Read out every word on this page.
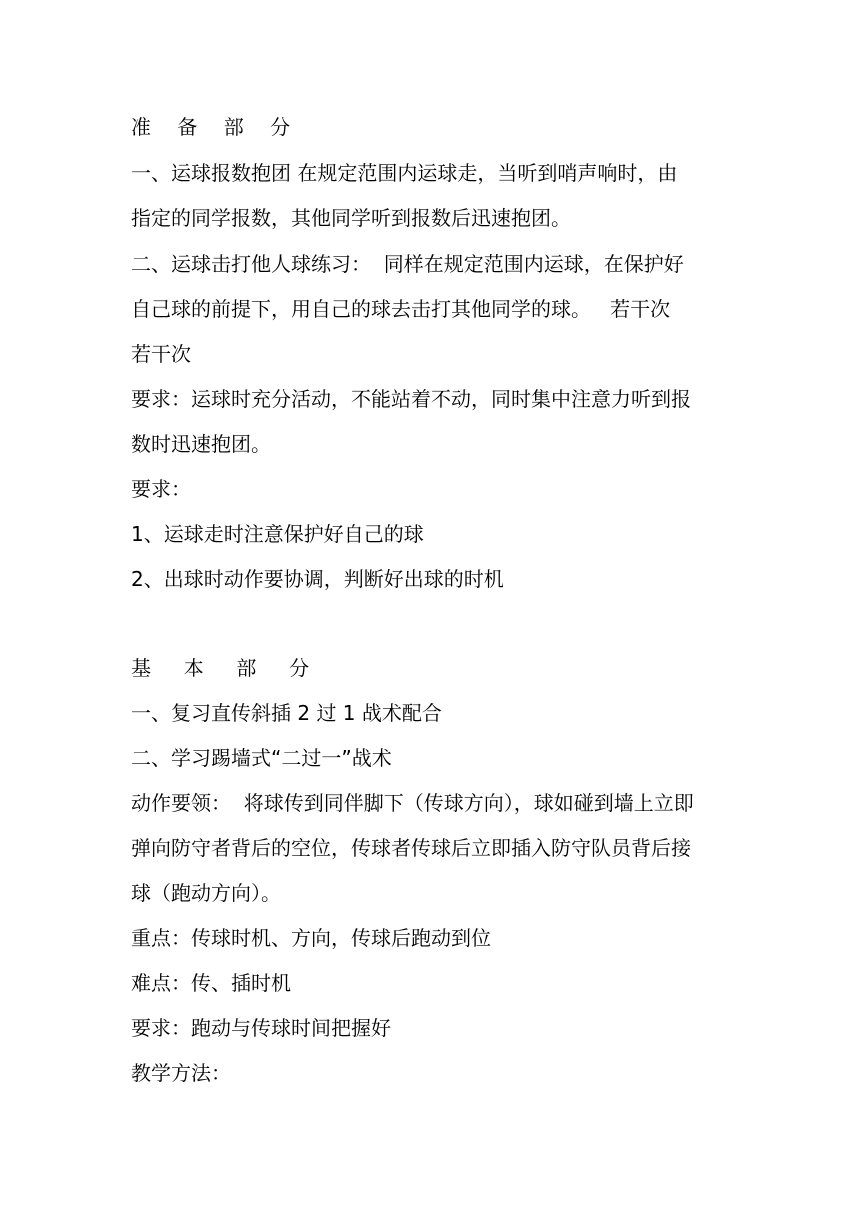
准　 备 　部 　分
一、运球报数抱团 在规定范围内运球走，当听到哨声响时，由
指定的同学报数，其他同学听到报数后迅速抱团。
二、运球击打他人球练习：  同样在规定范围内运球，在保护好
自己球的前提下，用自己的球去击打其他同学的球。   若干次
若干次
要求：运球时充分活动，不能站着不动，同时集中注意力听到报
数时迅速抱团。
要求：
1、运球走时注意保护好自己的球
2、出球时动作要协调，判断好出球的时机
基 　 本 　 部 　 分
一、复习直传斜插 2 过 1 战术配合
二、学习踢墙式“二过一”战术
动作要领：  将球传到同伴脚下（传球方向），球如碰到墙上立即
弹向防守者背后的空位，传球者传球后立即插入防守队员背后接
球（跑动方向）。
重点：传球时机、方向，传球后跑动到位
难点：传、插时机
要求：跑动与传球时间把握好
教学方法：
